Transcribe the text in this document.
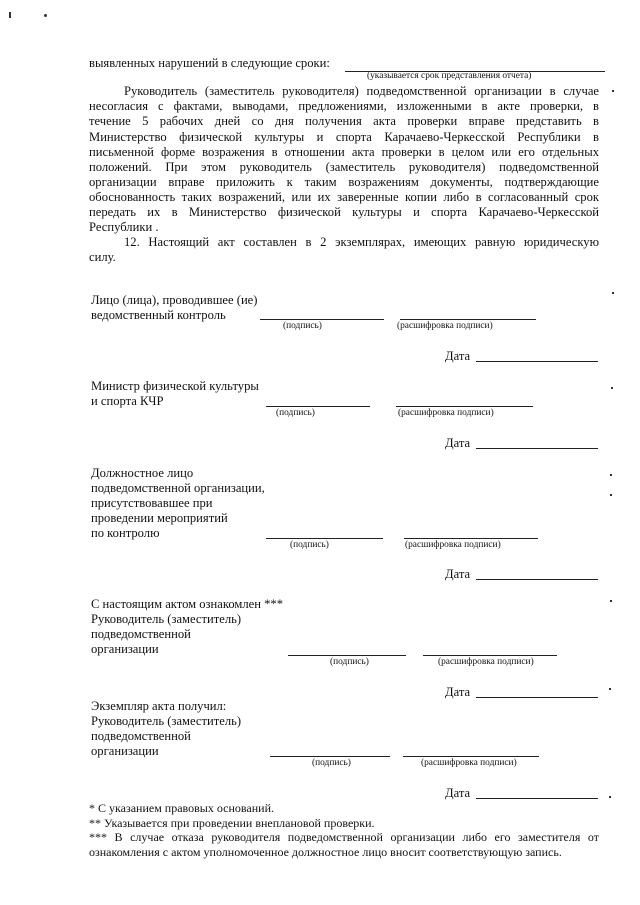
выявленных нарушений в следующие сроки:
(указывается срок представления отчета)
Руководитель (заместитель руководителя) подведомственной организации в случае
несогласия с фактами, выводами, предложениями, изложенными в акте проверки, в
течение 5 рабочих дней со дня получения акта проверки вправе представить в
Министерство физической культуры и спорта Карачаево-Черкесской Республики в
письменной форме возражения в отношении акта проверки в целом или его отдельных
положений. При этом руководитель (заместитель руководителя) подведомственной
организации вправе приложить к таким возражениям документы, подтверждающие
обоснованность таких возражений, или их заверенные копии либо в согласованный срок
передать их в Министерство физической культуры и спорта Карачаево-Черкесской
Республики .
12. Настоящий акт составлен в 2 экземплярах, имеющих равную юридическую
силу.
Лицо (лица), проводившее (ие)
ведомственный контроль
(подпись)	(расшифровка подписи)
Дата
Министр физической культуры
и спорта КЧР
(подпись)	(расшифровка подписи)
Дата
Должностное лицо
подведомственной организации,
присутствовавшее при
проведении мероприятий
по контролю
(подпись)	(расшифровка подписи)
Дата
С настоящим актом ознакомлен ***
Руководитель (заместитель)
подведомственной
организации
(подпись)	(расшифровка подписи)
Дата
Экземпляр акта получил:
Руководитель (заместитель)
подведомственной
организации
(подпись)	(расшифровка подписи)
Дата
* С указанием правовых оснований.
** Указывается при проведении внеплановой проверки.
*** В случае отказа руководителя подведомственной организации либо его заместителя от
ознакомления с актом уполномоченное должностное лицо вносит соответствующую запись.
